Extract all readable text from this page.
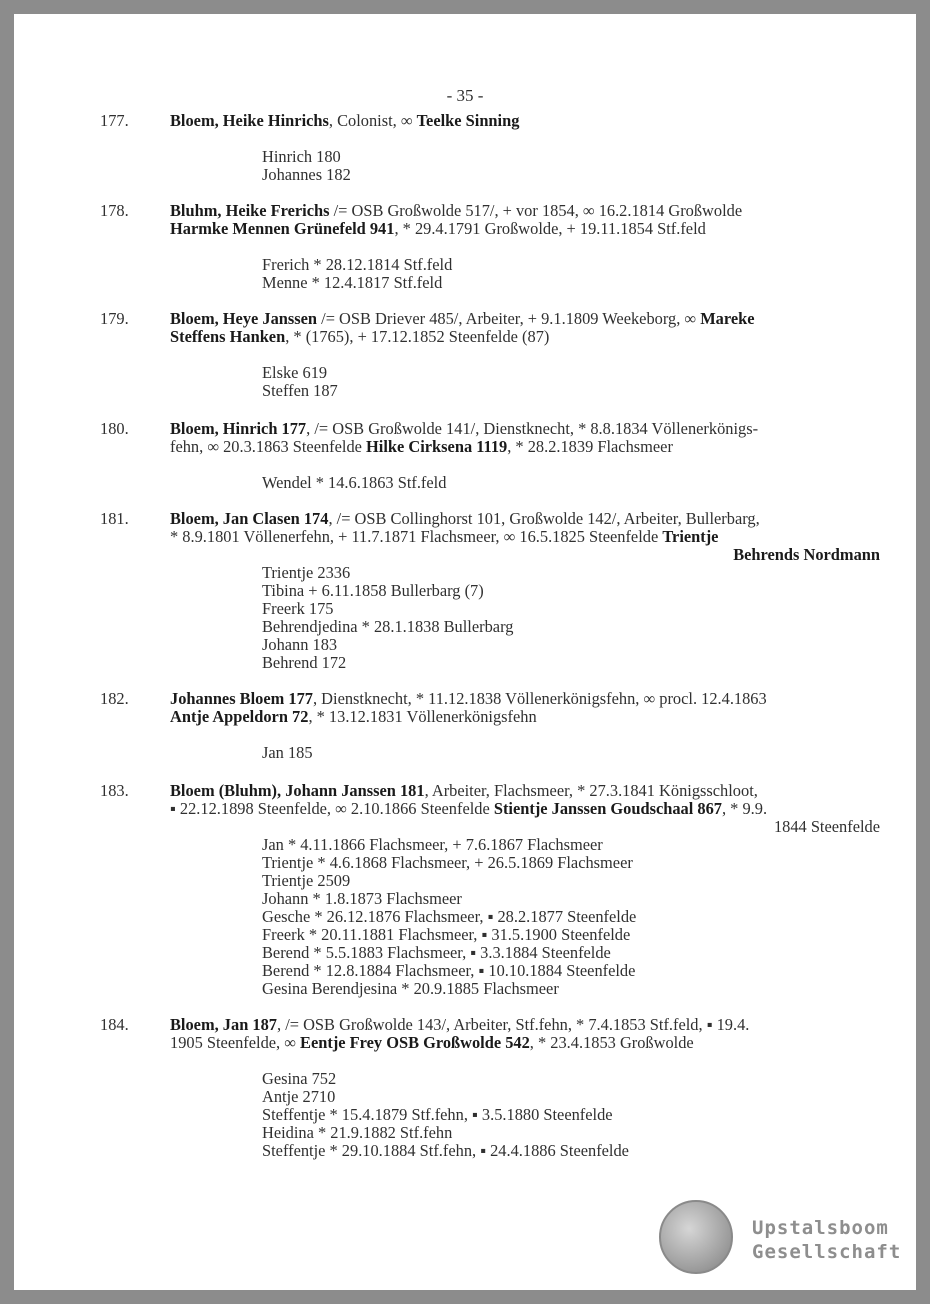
- 35 -
177.	Bloem, Heike Hinrichs, Colonist, ∞ Teelke Sinning
Hinrich 180
Johannes 182
178.	Bluhm, Heike Frerichs /= OSB Großwolde 517/, + vor 1854, ∞ 16.2.1814 Großwolde
Harmke Mennen Grünefeld 941, * 29.4.1791 Großwolde, + 19.11.1854 Stf.feld
Frerich * 28.12.1814 Stf.feld
Menne * 12.4.1817 Stf.feld
179.	Bloem, Heye Janssen /= OSB Driever 485/, Arbeiter, + 9.1.1809 Weekeborg, ∞ Mareke
Steffens Hanken, * (1765), + 17.12.1852 Steenfelde (87)
Elske 619
Steffen 187
180.	Bloem, Hinrich 177, /= OSB Großwolde 141/, Dienstknecht, * 8.8.1834 Völlenerkönigs-
fehn, ∞ 20.3.1863 Steenfelde Hilke Cirksena 1119, * 28.2.1839 Flachsmeer
Wendel * 14.6.1863 Stf.feld
181.	Bloem, Jan Clasen 174, /= OSB Collinghorst 101, Großwolde 142/, Arbeiter, Bullerbarg,
* 8.9.1801 Völlenerfehn, + 11.7.1871 Flachsmeer, ∞ 16.5.1825 Steenfelde Trientje
Behrends Nordmann
Trientje 2336
Tibina + 6.11.1858 Bullerbarg (7)
Freerk 175
Behrendjedina * 28.1.1838 Bullerbarg
Johann 183
Behrend 172
182.	Johannes Bloem 177, Dienstknecht, * 11.12.1838 Völlenerkönigsfehn, ∞ procl. 12.4.1863
Antje Appeldorn 72, * 13.12.1831 Völlenerkönigsfehn
Jan 185
183.	Bloem (Bluhm), Johann Janssen 181, Arbeiter, Flachsmeer, * 27.3.1841 Königsschloot,
▪ 22.12.1898 Steenfelde, ∞ 2.10.1866 Steenfelde Stientje Janssen Goudschaal 867, * 9.9.
1844 Steenfelde
Jan * 4.11.1866 Flachsmeer, + 7.6.1867 Flachsmeer
Trientje * 4.6.1868 Flachsmeer, + 26.5.1869 Flachsmeer
Trientje 2509
Johann * 1.8.1873 Flachsmeer
Gesche * 26.12.1876 Flachsmeer, ▪ 28.2.1877 Steenfelde
Freerk * 20.11.1881 Flachsmeer, ▪ 31.5.1900 Steenfelde
Berend * 5.5.1883 Flachsmeer, ▪ 3.3.1884 Steenfelde
Berend * 12.8.1884 Flachsmeer, ▪ 10.10.1884 Steenfelde
Gesina Berendjesina * 20.9.1885 Flachsmeer
184.	Bloem, Jan 187, /= OSB Großwolde 143/, Arbeiter, Stf.fehn, * 7.4.1853 Stf.feld, ▪ 19.4.
1905 Steenfelde, ∞ Eentje Frey OSB Großwolde 542, * 23.4.1853 Großwolde
Gesina 752
Antje 2710
Steffentje * 15.4.1879 Stf.fehn, ▪ 3.5.1880 Steenfelde
Heidina * 21.9.1882 Stf.fehn
Steffentje * 29.10.1884 Stf.fehn, ▪ 24.4.1886 Steenfelde
Upstalsboom
Gesellschaft
